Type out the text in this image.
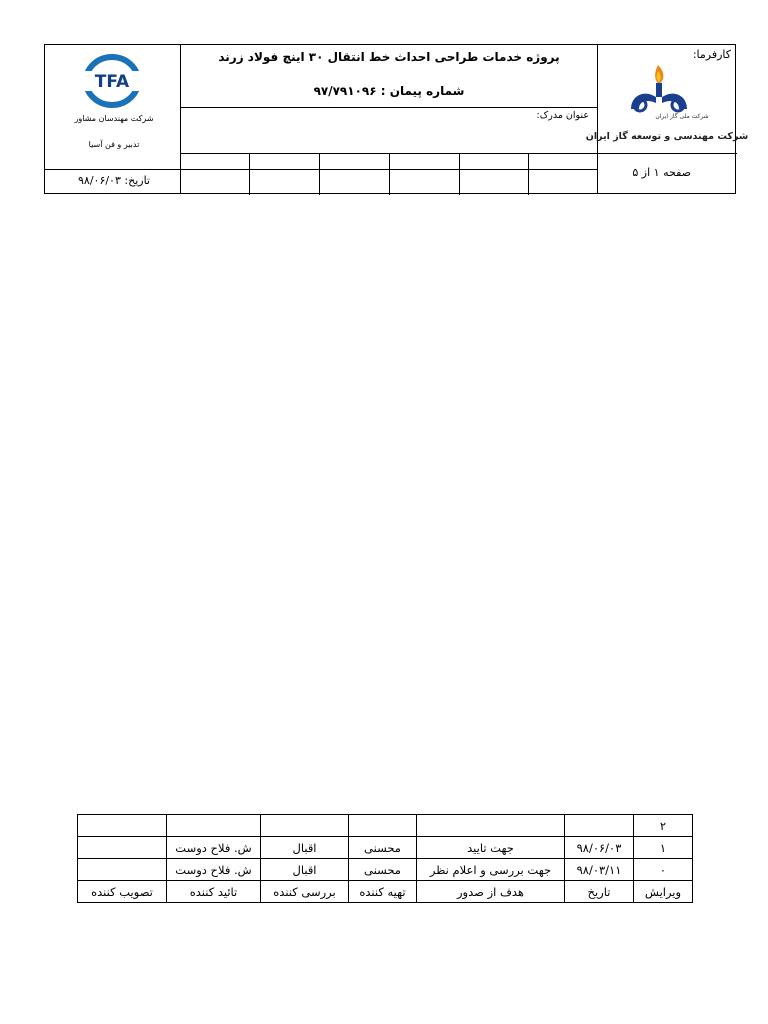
TFA
شرکت مهندسان مشاور
تدبیر و فن آسیا
تاریخ: ۹۸/۰۶/۰۳
پروژه خدمات طراحی احداث خط انتقال ۳۰ اینچ فولاد زرند
شماره پیمان : ۹۷/۷۹۱۰۹۶
عنوان مدرک:	شرکت ملی گاز ایران
شرکت مهندسی و توسعه گاز ایران
کارفرما:
صفحه ۱ از ۵
۲						
۱	۹۸/۰۶/۰۳	جهت تایید	محسنی	اقبال	ش. فلاح دوست	
۰	۹۸/۰۳/۱۱	جهت بررسی و اعلام نظر	محسنی	اقبال	ش. فلاح دوست	
ویرایش	تاریخ	هدف از صدور	تهیه کننده	بررسی کننده	تائید کننده	تصویب کننده
